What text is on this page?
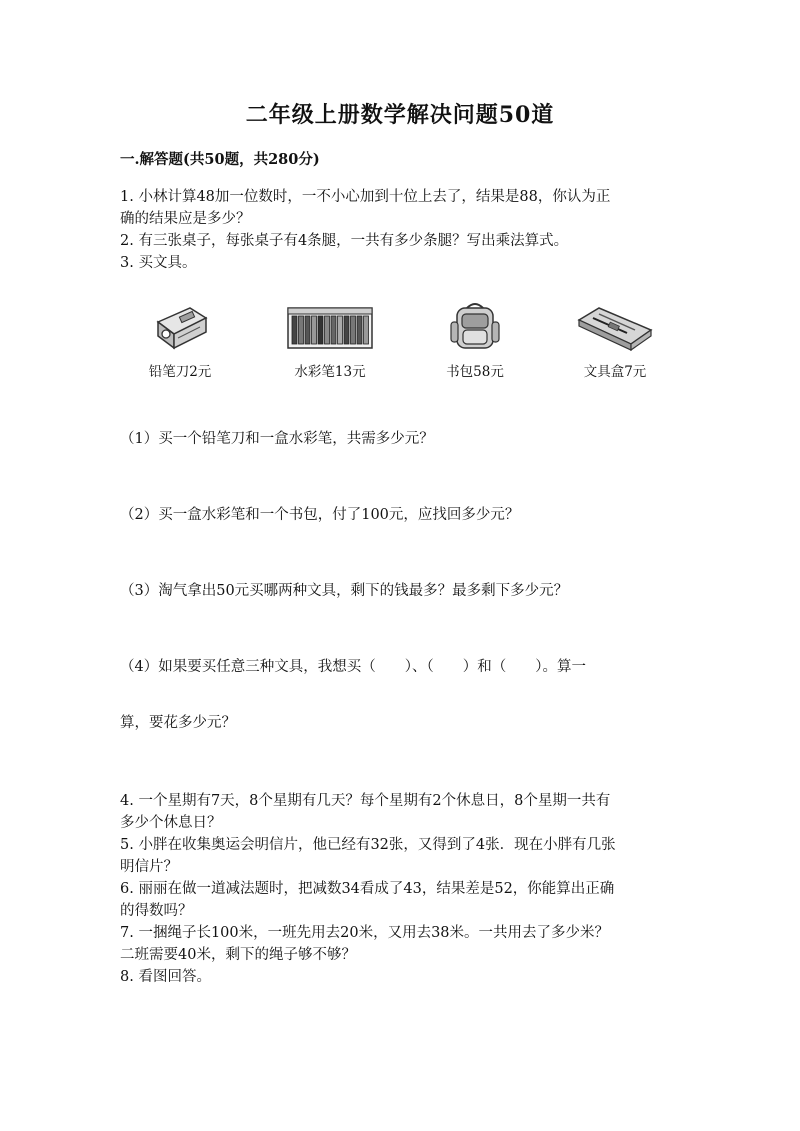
二年级上册数学解决问题50道
一.解答题(共50题，共280分)

1. 小林计算48加一位数时，一不小心加到十位上去了，结果是88，你认为正

确的结果应是多少？

2. 有三张桌子，每张桌子有4条腿，一共有多少条腿？写出乘法算式。

3. 买文具。

铅笔刀2元	水彩笔13元	书包58元	文具盒7元
（1）买一个铅笔刀和一盒水彩笔，共需多少元？
（2）买一盒水彩笔和一个书包，付了100元，应找回多少元？
（3）淘气拿出50元买哪两种文具，剩下的钱最多？最多剩下多少元？
（4）如果要买任意三种文具，我想买（　　）、（　　）和（　　）。算一
算，要花多少元？

4. 一个星期有7天，8个星期有几天？每个星期有2个休息日，8个星期一共有

多少个休息日？

5. 小胖在收集奥运会明信片，他已经有32张，又得到了4张．现在小胖有几张

明信片？

6. 丽丽在做一道减法题时，把减数34看成了43，结果差是52，你能算出正确

的得数吗？

7. 一捆绳子长100米，一班先用去20米，又用去38米。一共用去了多少米？

二班需要40米，剩下的绳子够不够？

8. 看图回答。
